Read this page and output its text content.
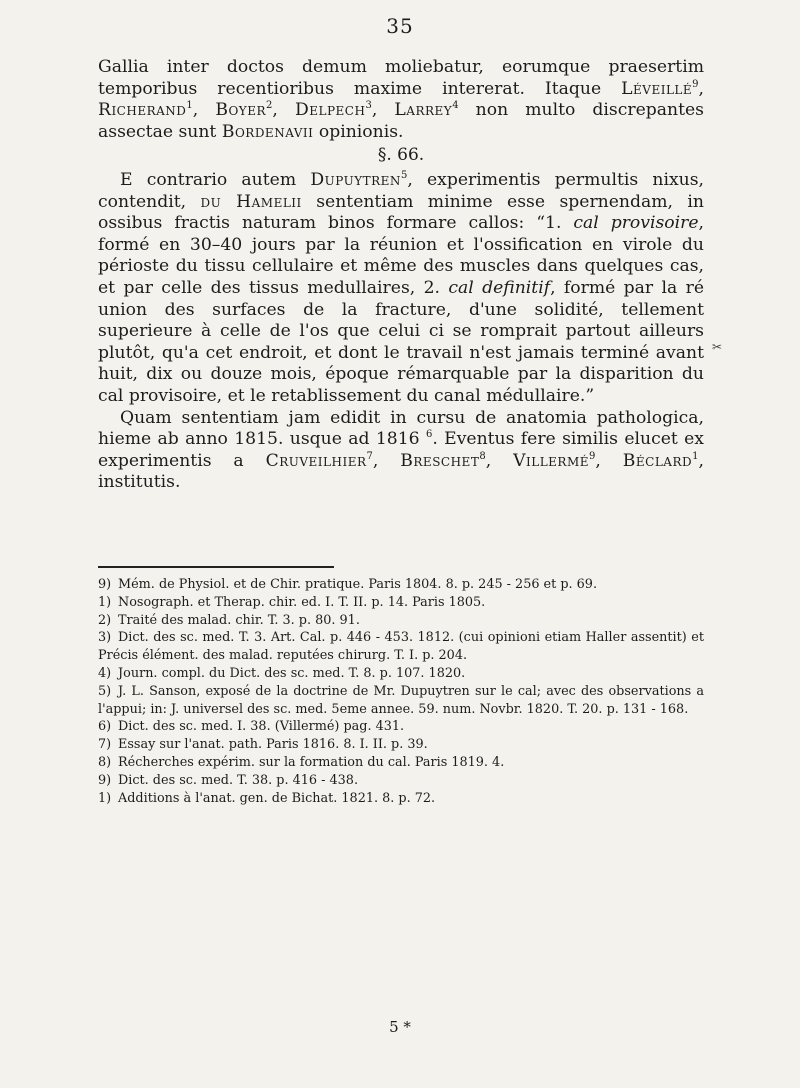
35

Gallia inter doctos demum moliebatur, eorumque praesertim temporibus recentioribus maxime intererat. Itaque Léveillé$^9$, Richerand$^1$, Boyer$^2$, Delpech$^3$, Larrey$^4$ non multo discrepantes assectae sunt Bordenavii opinionis.

§. 66.

E contrario autem Dupuytren$^5$, experimentis permultis nixus, contendit, du Hamelii sententiam minime esse spernendam, in ossibus fractis naturam binos formare callos: “1. cal provisoire, formé en 30–40 jours par la réunion et l'ossification en virole du périoste du tissu cellulaire et même des muscles dans quelques cas, et par celle des tissus medullaires, 2. cal definitif, formé par la ré union des surfaces de la fracture, d'une solidité, tellement superieure à celle de l'os que celui ci se romprait partout ailleurs plutôt, qu'a cet endroit, et dont le travail n'est jamais terminé avant huit, dix ou douze mois, époque rémarquable par la disparition du cal provisoire, et le retablissement du canal médullaire.”

Quam sententiam jam edidit in cursu de anatomia pathologica, hieme ab anno 1815. usque ad 1816 $^6$. Eventus fere similis elucet ex experimentis a Cruveilhier$^7$, Breschet$^8$, Villermé$^9$, Béclard$^1$, institutis.

✂

9) Mém. de Physiol. et de Chir. pratique. Paris 1804. 8. p. 245 - 256 et p. 69.

1) Nosograph. et Therap. chir. ed. I. T. II. p. 14. Paris 1805.

2) Traité des malad. chir. T. 3. p. 80. 91.

3) Dict. des sc. med. T. 3. Art. Cal. p. 446 - 453. 1812. (cui opinioni etiam Haller assentit) et Précis élément. des malad. reputées chirurg. T. I. p. 204.

4) Journ. compl. du Dict. des sc. med. T. 8. p. 107. 1820.

5) J. L. Sanson, exposé de la doctrine de Mr. Dupuytren sur le cal; avec des observations a l'appui; in: J. universel des sc. med. 5eme annee. 59. num. Novbr. 1820. T. 20. p. 131 - 168.

6) Dict. des sc. med. I. 38. (Villermé) pag. 431.

7) Essay sur l'anat. path. Paris 1816. 8. I. II. p. 39.

8) Récherches expérim. sur la formation du cal. Paris 1819. 4.

9) Dict. des sc. med. T. 38. p. 416 - 438.

1) Additions à l'anat. gen. de Bichat. 1821. 8. p. 72.

5 *
